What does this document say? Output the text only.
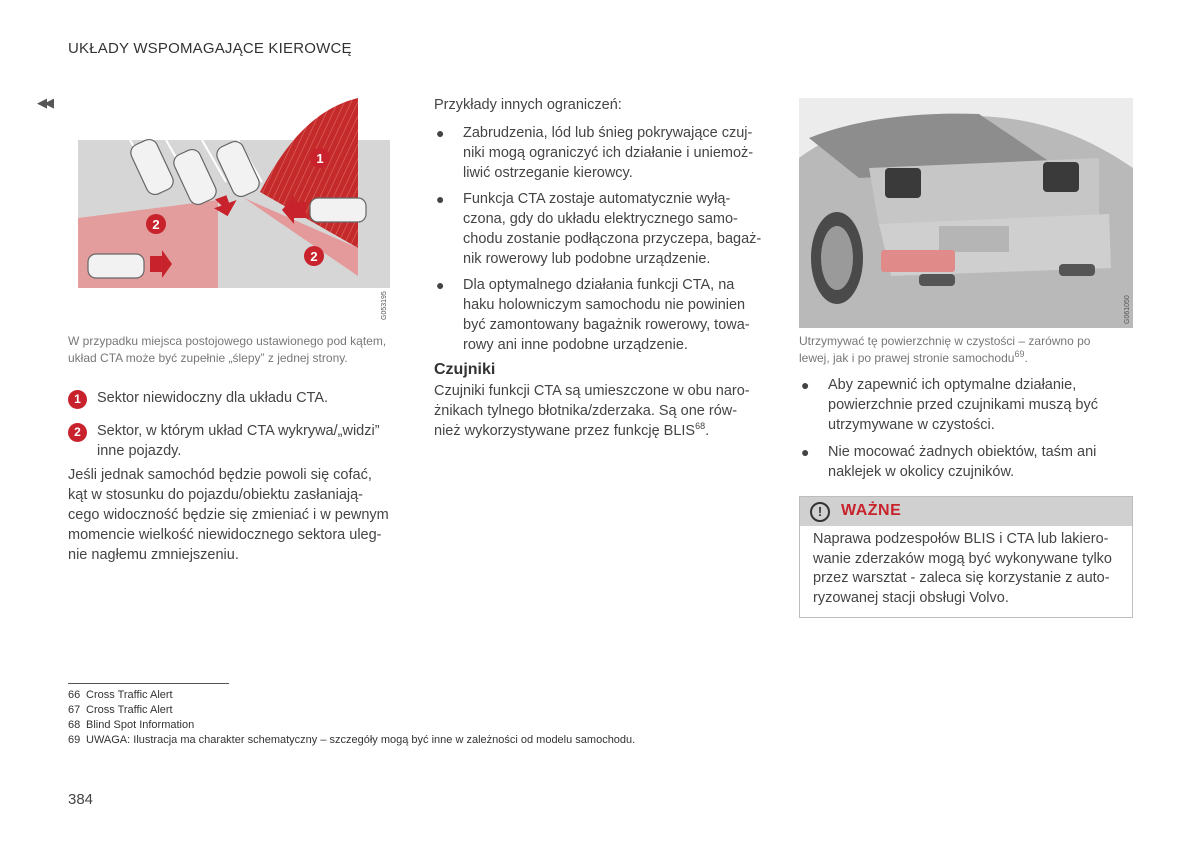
UKŁADY WSPOMAGAJĄCE KIEROWCĘ
◀◀
1
2
2
G053195
W przypadku miejsca postojowego ustawionego pod kątem, układ CTA może być zupełnie „ślepy” z jednej strony.
1	Sektor niewidoczny dla układu CTA.
2	Sektor, w którym układ CTA wykrywa/„widzi”
inne pojazdy.
Jeśli jednak samochód będzie powoli się cofać,
kąt w stosunku do pojazdu/obiektu zasłaniają-
cego widoczność będzie się zmieniać i w pewnym
momencie wielkość niewidocznego sektora uleg-
nie nagłemu zmniejszeniu.
Przykłady innych ograniczeń:
● Zabrudzenia, lód lub śnieg pokrywające czuj-
niki mogą ograniczyć ich działanie i uniemoż-
liwić ostrzeganie kierowcy.
● Funkcja CTA zostaje automatycznie wyłą-
czona, gdy do układu elektrycznego samo-
chodu zostanie podłączona przyczepa, bagaż-
nik rowerowy lub podobne urządzenie.
● Dla optymalnego działania funkcji CTA, na
haku holowniczym samochodu nie powinien
być zamontowany bagażnik rowerowy, towa-
rowy ani inne podobne urządzenie.
Czujniki
Czujniki funkcji CTA są umieszczone w obu naro-
żnikach tylnego błotnika/zderzaka. Są one rów-
nież wykorzystywane przez funkcję BLIS$^{68}$.
G061050
Utrzymywać tę powierzchnię w czystości – zarówno po
lewej, jak i po prawej stronie samochodu$^{69}$.
● Aby zapewnić ich optymalne działanie,
powierzchnie przed czujnikami muszą być
utrzymywane w czystości.
● Nie mocować żadnych obiektów, taśm ani
naklejek w okolicy czujników.
!	WAŻNE
Naprawa podzespołów BLIS i CTA lub lakiero-
wanie zderzaków mogą być wykonywane tylko
przez warsztat - zaleca się korzystanie z auto-
ryzowanej stacji obsługi Volvo.
66 Cross Traffic Alert
67 Cross Traffic Alert
68 Blind Spot Information
69 UWAGA: Ilustracja ma charakter schematyczny – szczegóły mogą być inne w zależności od modelu samochodu.
384
